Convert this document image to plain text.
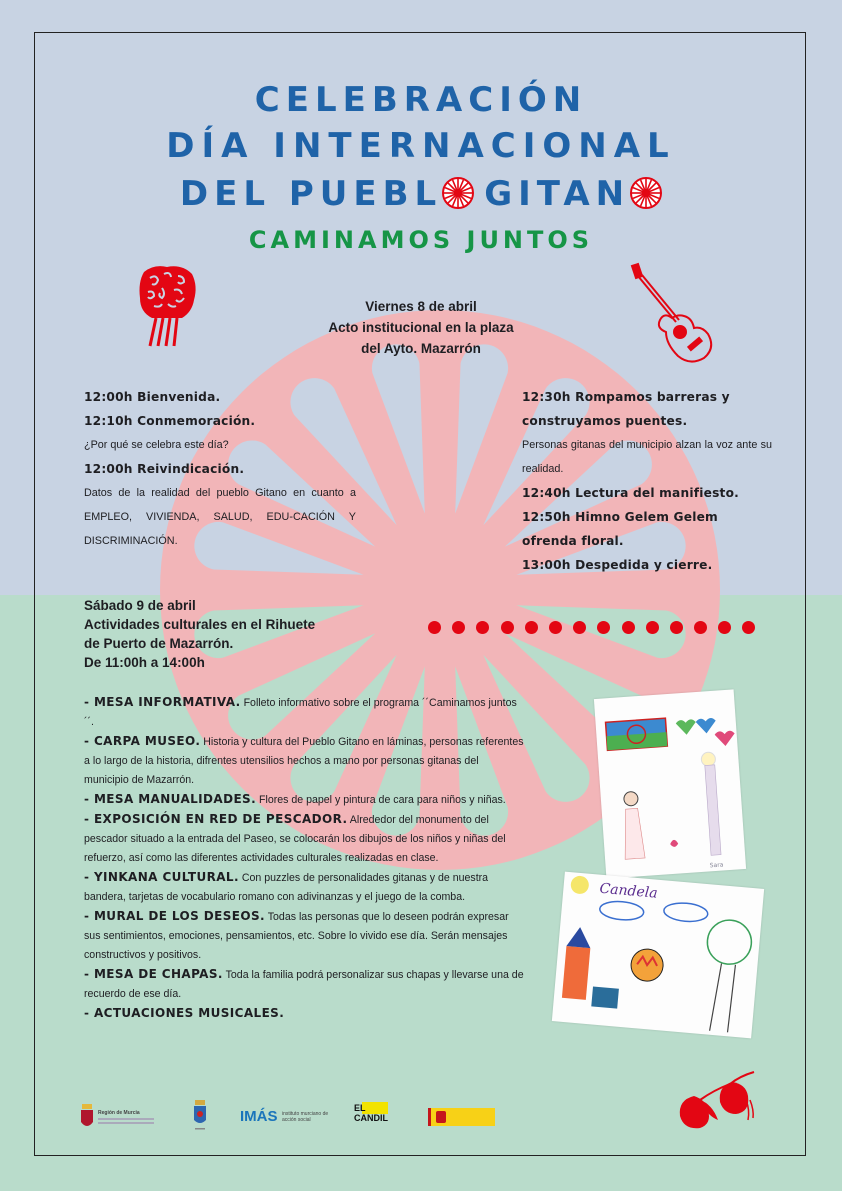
CELEBRACIÓN
DÍA INTERNACIONAL
DEL PUEBL GITAN
CAMINAMOS JUNTOS
Viernes 8 de abril
Acto institucional en la plaza
del Ayto. Mazarrón
12:00h Bienvenida.
12:10h Conmemoración.
¿Por qué se celebra este día?
12:00h Reivindicación.
Datos de la realidad del pueblo Gitano en cuanto a EMPLEO, VIVIENDA, SALUD, EDU-CACIÓN Y DISCRIMINACIÓN.
12:30h Rompamos barreras y construyamos puentes.
Personas gitanas del municipio alzan la voz ante su realidad.
12:40h Lectura del manifiesto.
12:50h Himno Gelem Gelem ofrenda floral.
13:00h Despedida y cierre.
Sábado 9 de abril
Actividades culturales en el Rihuete
de Puerto de Mazarrón.
De 11:00h a 14:00h
- MESA INFORMATIVA. Folleto informativo sobre el programa ´´Caminamos juntos´´.
- CARPA MUSEO. Historia y cultura del Pueblo Gitano en láminas, personas referentes a lo largo de la historia, difrentes utensilios hechos a mano por personas gitanas del municipio de Mazarrón.
- MESA MANUALIDADES. Flores de papel y pintura de cara para niños y niñas.
- EXPOSICIÓN EN RED DE PESCADOR. Alrededor del monumento del pescador situado a la entrada del Paseo, se colocarán los dibujos de los niños y niñas del refuerzo, así como las diferentes actividades culturales realizadas en clase.
- YINKANA CULTURAL. Con puzzles de personalidades gitanas y de nuestra bandera, tarjetas de vocabulario romano con adivinanzas y el juego de la comba.
- MURAL DE LOS DESEOS. Todas las personas que lo deseen podrán expresar sus sentimientos, emociones, pensamientos, etc. Sobre lo vivido ese día. Serán mensajes constructivos y positivos.
- MESA DE CHAPAS. Toda la familia podrá personalizar sus chapas y llevarse una de recuerdo de ese día.
- ACTUACIONES MUSICALES.
Sara
Candela
Región de Murcia	IMÁS instituto murciano de acción social
EL CANDIL
